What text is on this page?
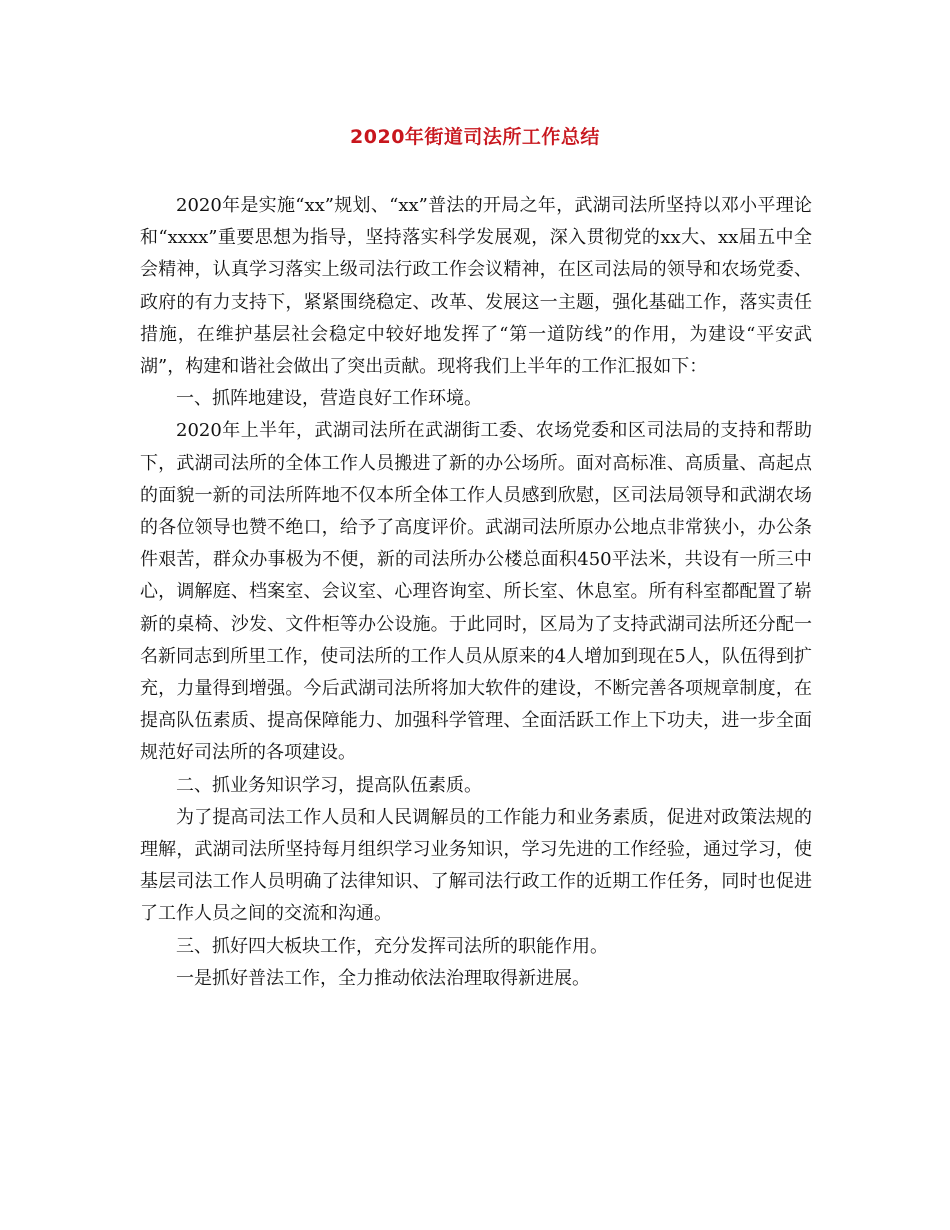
2020年街道司法所工作总结

2020年是实施“xx”规划、“xx”普法的开局之年，武湖司法所坚持以邓小平理论和“xxxx”重要思想为指导，坚持落实科学发展观，深入贯彻党的xx大、xx届五中全会精神，认真学习落实上级司法行政工作会议精神，在区司法局的领导和农场党委、政府的有力支持下，紧紧围绕稳定、改革、发展这一主题，强化基础工作，落实责任措施，在维护基层社会稳定中较好地发挥了“第一道防线”的作用，为建设“平安武湖”，构建和谐社会做出了突出贡献。现将我们上半年的工作汇报如下：

一、抓阵地建设，营造良好工作环境。

2020年上半年，武湖司法所在武湖街工委、农场党委和区司法局的支持和帮助下，武湖司法所的全体工作人员搬进了新的办公场所。面对高标准、高质量、高起点的面貌一新的司法所阵地不仅本所全体工作人员感到欣慰，区司法局领导和武湖农场的各位领导也赞不绝口，给予了高度评价。武湖司法所原办公地点非常狭小，办公条件艰苦，群众办事极为不便，新的司法所办公楼总面积450平法米，共设有一所三中心，调解庭、档案室、会议室、心理咨询室、所长室、休息室。所有科室都配置了崭新的桌椅、沙发、文件柜等办公设施。于此同时，区局为了支持武湖司法所还分配一名新同志到所里工作，使司法所的工作人员从原来的4人增加到现在5人，队伍得到扩充，力量得到增强。今后武湖司法所将加大软件的建设，不断完善各项规章制度，在提高队伍素质、提高保障能力、加强科学管理、全面活跃工作上下功夫，进一步全面规范好司法所的各项建设。

二、抓业务知识学习，提高队伍素质。

为了提高司法工作人员和人民调解员的工作能力和业务素质，促进对政策法规的理解，武湖司法所坚持每月组织学习业务知识，学习先进的工作经验，通过学习，使基层司法工作人员明确了法律知识、了解司法行政工作的近期工作任务，同时也促进了工作人员之间的交流和沟通。

三、抓好四大板块工作，充分发挥司法所的职能作用。

一是抓好普法工作，全力推动依法治理取得新进展。
